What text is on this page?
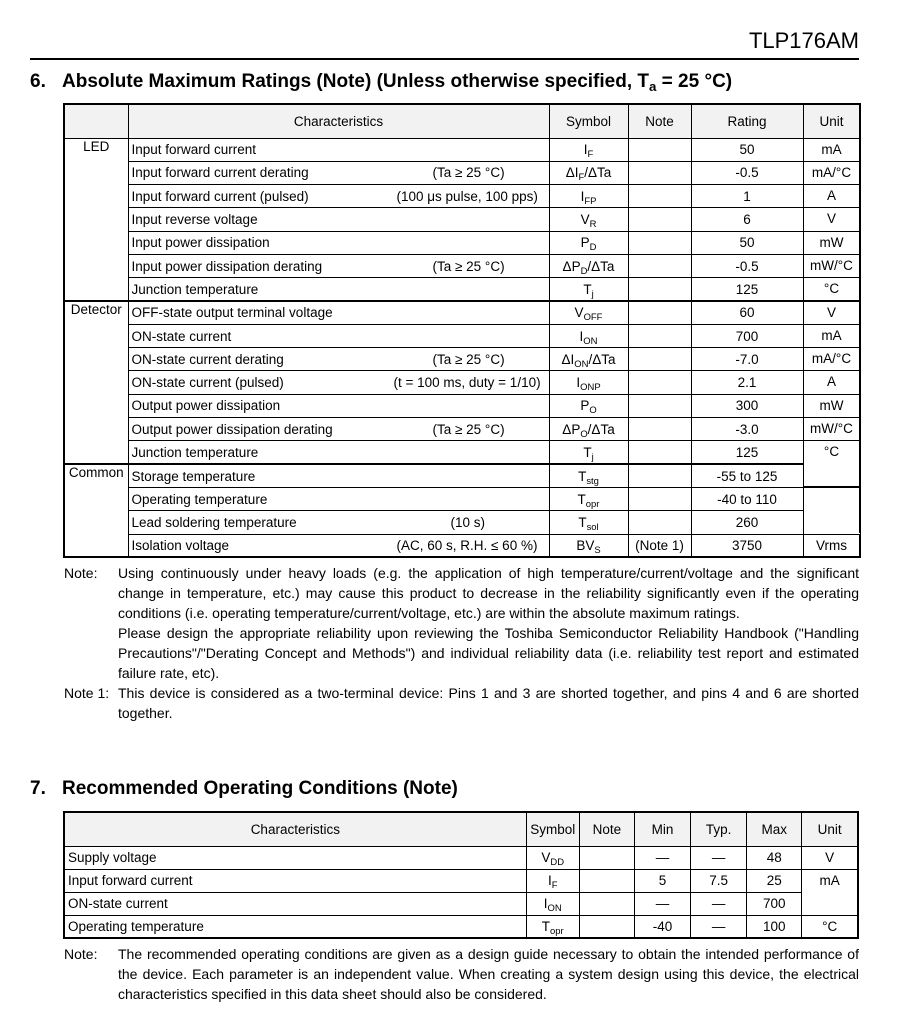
TLP176AM
6. Absolute Maximum Ratings (Note) (Unless otherwise specified, $T_a = 25$ °C)
	Characteristics	Symbol	Note	Rating	Unit	
LED	Input forward current	$I_F$		50	mA	
	Input forward current derating (Ta ≥ 25 °C)	$\Delta I_F$/ΔTa		-0.5	mA/°C	
	Input forward current (pulsed) (100 μs pulse, 100 pps)	$I_{FP}$		1	A	
	Input reverse voltage	$V_R$		6	V	
	Input power dissipation	$P_D$		50	mW	
	Input power dissipation derating (Ta ≥ 25 °C)	$\Delta P_D$/ΔTa		-0.5	mW/°C	
	Junction temperature	$T_j$		125	°C	
Detector	OFF-state output terminal voltage	$V_{OFF}$		60	V	
	ON-state current	$I_{ON}$		700	mA	
	ON-state current derating (Ta ≥ 25 °C)	$\Delta I_{ON}$/ΔTa		-7.0	mA/°C	
	ON-state current (pulsed) (t = 100 ms, duty = 1/10)	$I_{ONP}$		2.1	A	
	Output power dissipation	$P_O$		300	mW	
	Output power dissipation derating (Ta ≥ 25 °C)	$\Delta P_O$/ΔTa		-3.0	mW/°C	
	Junction temperature	$T_j$		125	°C	
Common	Storage temperature	$T_{stg}$		-55 to 125		
	Operating temperature	$T_{opr}$		-40 to 110		
	Lead soldering temperature (10 s)	$T_{sol}$		260		
	Isolation voltage (AC, 60 s, R.H. ≤ 60 %)	$BV_S$	(Note 1)	3750	Vrms	
Note: Using continuously under heavy loads (e.g. the application of high temperature/current/voltage and the significant change in temperature, etc.) may cause this product to decrease in the reliability significantly even if the operating conditions (i.e. operating temperature/current/voltage, etc.) are within the absolute maximum ratings.
Please design the appropriate reliability upon reviewing the Toshiba Semiconductor Reliability Handbook ("Handling Precautions"/"Derating Concept and Methods") and individual reliability data (i.e. reliability test report and estimated failure rate, etc).
Note 1: This device is considered as a two-terminal device: Pins 1 and 3 are shorted together, and pins 4 and 6 are shorted together.
7. Recommended Operating Conditions (Note)
Characteristics	Symbol	Note	Min	Typ.	Max	Unit
Supply voltage	$V_{DD}$		—	—	48	V
Input forward current	$I_F$		5	7.5	25	mA
ON-state current	$I_{ON}$		—	—	700	
Operating temperature	$T_{opr}$		-40	—	100	°C
Note: The recommended operating conditions are given as a design guide necessary to obtain the intended performance of the device. Each parameter is an independent value. When creating a system design using this device, the electrical characteristics specified in this data sheet should also be considered.
